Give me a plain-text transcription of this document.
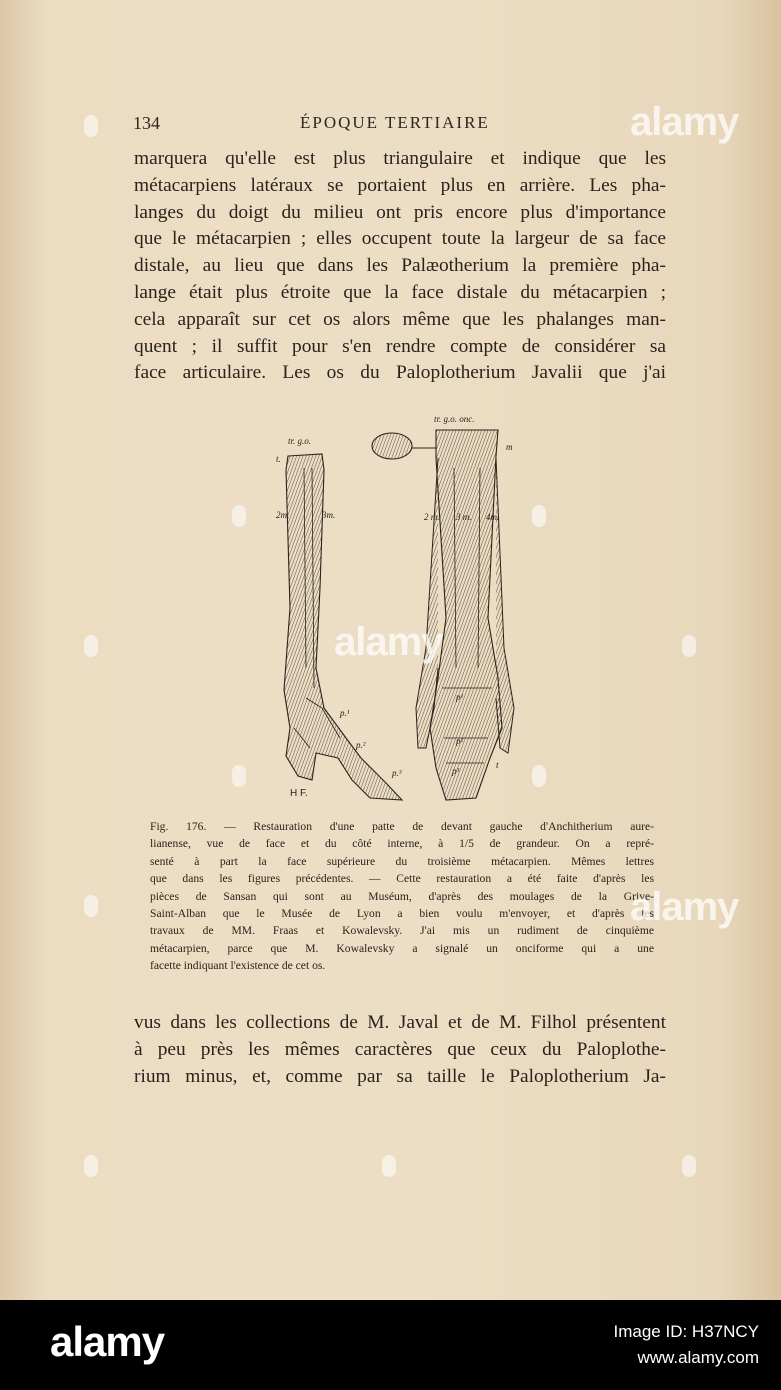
134	ÉPOQUE TERTIAIRE

marquera qu'elle est plus triangulaire et indique que les
métacarpiens latéraux se portaient plus en arrière. Les pha-
langes du doigt du milieu ont pris encore plus d'importance
que le métacarpien ; elles occupent toute la largeur de sa face
distale, au lieu que dans les Palæotherium la première pha-
lange était plus étroite que la face distale du métacarpien ;
cela apparaît sur cet os alors même que les phalanges man-
quent ; il suffit pour s'en rendre compte de considérer sa
face articulaire. Les os du Paloplotherium Javalii que j'ai

tr. g.o.
t.
2m.	3m.
p.¹
p.²
p.³
tr. g.o. onc.
m
2 m. 3 m. 4m.
p¹
p²
p³
t
H F.

Fig. 176. — Restauration d'une patte de devant gauche d'Anchitherium aure-
lianense, vue de face et du côté interne, à 1/5 de grandeur. On a repré-
senté à part la face supérieure du troisième métacarpien. Mêmes lettres
que dans les figures précédentes. — Cette restauration a été faite d'après les
pièces de Sansan qui sont au Muséum, d'après des moulages de la Grive-
Saint-Alban que le Musée de Lyon a bien voulu m'envoyer, et d'après les
travaux de MM. Fraas et Kowalevsky. J'ai mis un rudiment de cinquième
métacarpien, parce que M. Kowalevsky a signalé un onciforme qui a une
facette indiquant l'existence de cet os.

vus dans les collections de M. Javal et de M. Filhol présentent
à peu près les mêmes caractères que ceux du Paloplothe-
rium minus, et, comme par sa taille le Paloplotherium Ja-

alamy
alamy
alamy
alamy	Image ID: H37NCY
www.alamy.com
